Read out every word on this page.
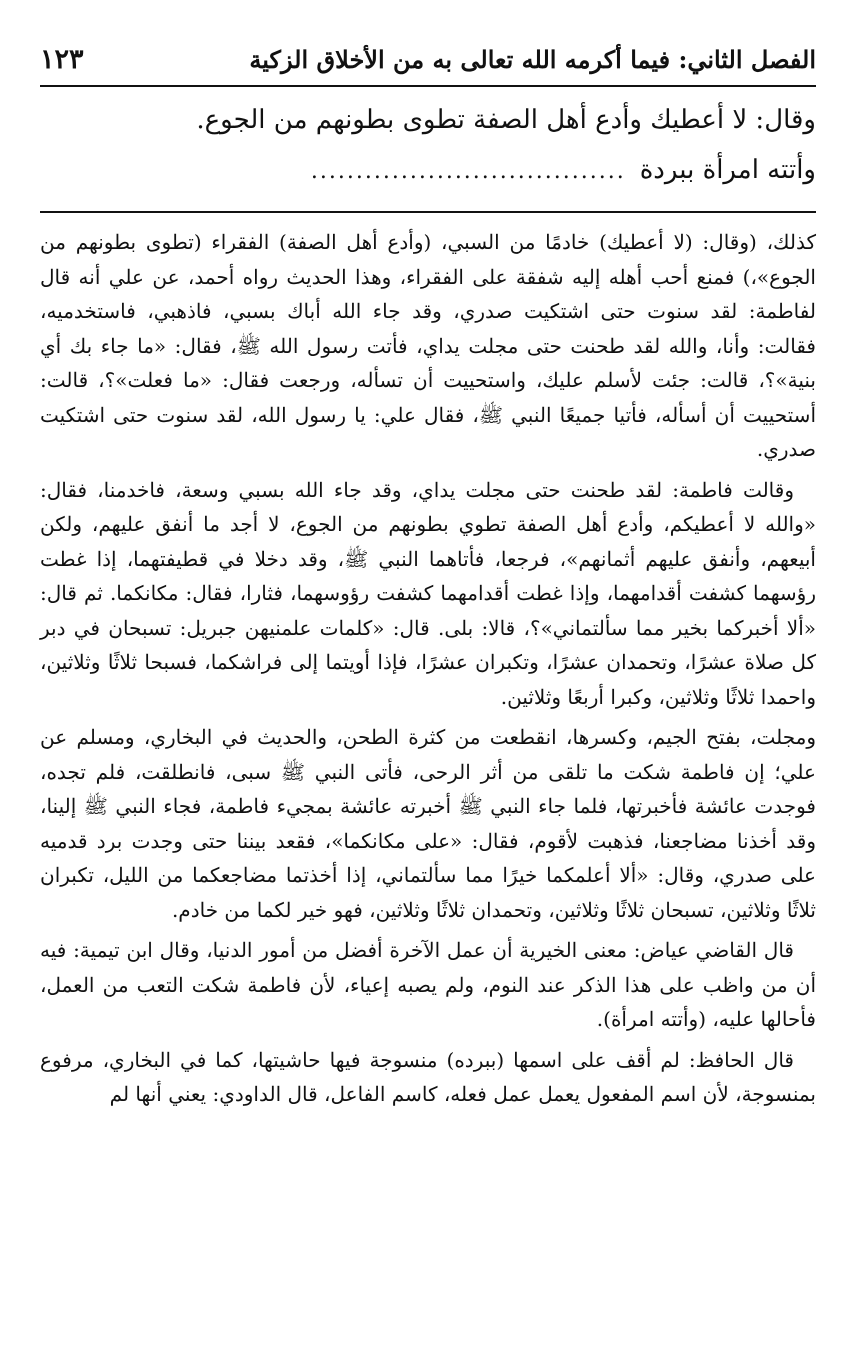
الفصل الثاني: فيما أكرمه الله تعالى به من الأخلاق الزكية
١٢٣

وقال: لا أعطيك وأدع أهل الصفة تطوى بطونهم من الجوع.

وأتته امرأة ببردة...................................

كذلك، (وقال: (لا أعطيك) خادمًا من السبي، (وأدع أهل الصفة) الفقراء (تطوى بطونهم من الجوع»،) فمنع أحب أهله إليه شفقة على الفقراء، وهذا الحديث رواه أحمد، عن علي أنه قال لفاطمة: لقد سنوت حتى اشتكيت صدري، وقد جاء الله أباك بسبي، فاذهبي، فاستخدميه، فقالت: وأنا، والله لقد طحنت حتى مجلت يداي، فأتت رسول الله ﷺ، فقال: «ما جاء بك أي بنية»؟، قالت: جئت لأسلم عليك، واستحييت أن تسأله، ورجعت فقال: «ما فعلت»؟، قالت: أستحييت أن أسأله، فأتيا جميعًا النبي ﷺ، فقال علي: يا رسول الله، لقد سنوت حتى اشتكيت صدري.

وقالت فاطمة: لقد طحنت حتى مجلت يداي، وقد جاء الله بسبي وسعة، فاخدمنا، فقال: «والله لا أعطيكم، وأدع أهل الصفة تطوي بطونهم من الجوع، لا أجد ما أنفق عليهم، ولكن أبيعهم، وأنفق عليهم أثمانهم»، فرجعا، فأتاهما النبي ﷺ، وقد دخلا في قطيفتهما، إذا غطت رؤسهما كشفت أقدامهما، وإذا غطت أقدامهما كشفت رؤوسهما، فثارا، فقال: مكانكما. ثم قال: «ألا أخبركما بخير مما سألتماني»؟، قالا: بلى. قال: «كلمات علمنيهن جبريل: تسبحان في دبر كل صلاة عشرًا، وتحمدان عشرًا، وتكبران عشرًا، فإذا أويتما إلى فراشكما، فسبحا ثلاثًا وثلاثين، واحمدا ثلاثًا وثلاثين، وكبرا أربعًا وثلاثين.

ومجلت، بفتح الجيم، وكسرها، انقطعت من كثرة الطحن، والحديث في البخاري، ومسلم عن علي؛ إن فاطمة شكت ما تلقى من أثر الرحى، فأتى النبي ﷺ سبى، فانطلقت، فلم تجده، فوجدت عائشة فأخبرتها، فلما جاء النبي ﷺ أخبرته عائشة بمجيء فاطمة، فجاء النبي ﷺ إلينا، وقد أخذنا مضاجعنا، فذهبت لأقوم، فقال: «على مكانكما»، فقعد بيننا حتى وجدت برد قدميه على صدري، وقال: «ألا أعلمكما خيرًا مما سألتماني، إذا أخذتما مضاجعكما من الليل، تكبران ثلاثًا وثلاثين، تسبحان ثلاثًا وثلاثين، وتحمدان ثلاثًا وثلاثين، فهو خير لكما من خادم.

قال القاضي عياض: معنى الخيرية أن عمل الآخرة أفضل من أمور الدنيا، وقال ابن تيمية: فيه أن من واظب على هذا الذكر عند النوم، ولم يصبه إعياء، لأن فاطمة شكت التعب من العمل، فأحالها عليه، (وأتته امرأة).

قال الحافظ: لم أقف على اسمها (ببرده) منسوجة فيها حاشيتها، كما في البخاري، مرفوع بمنسوجة، لأن اسم المفعول يعمل عمل فعله، كاسم الفاعل، قال الداودي: يعني أنها لم
